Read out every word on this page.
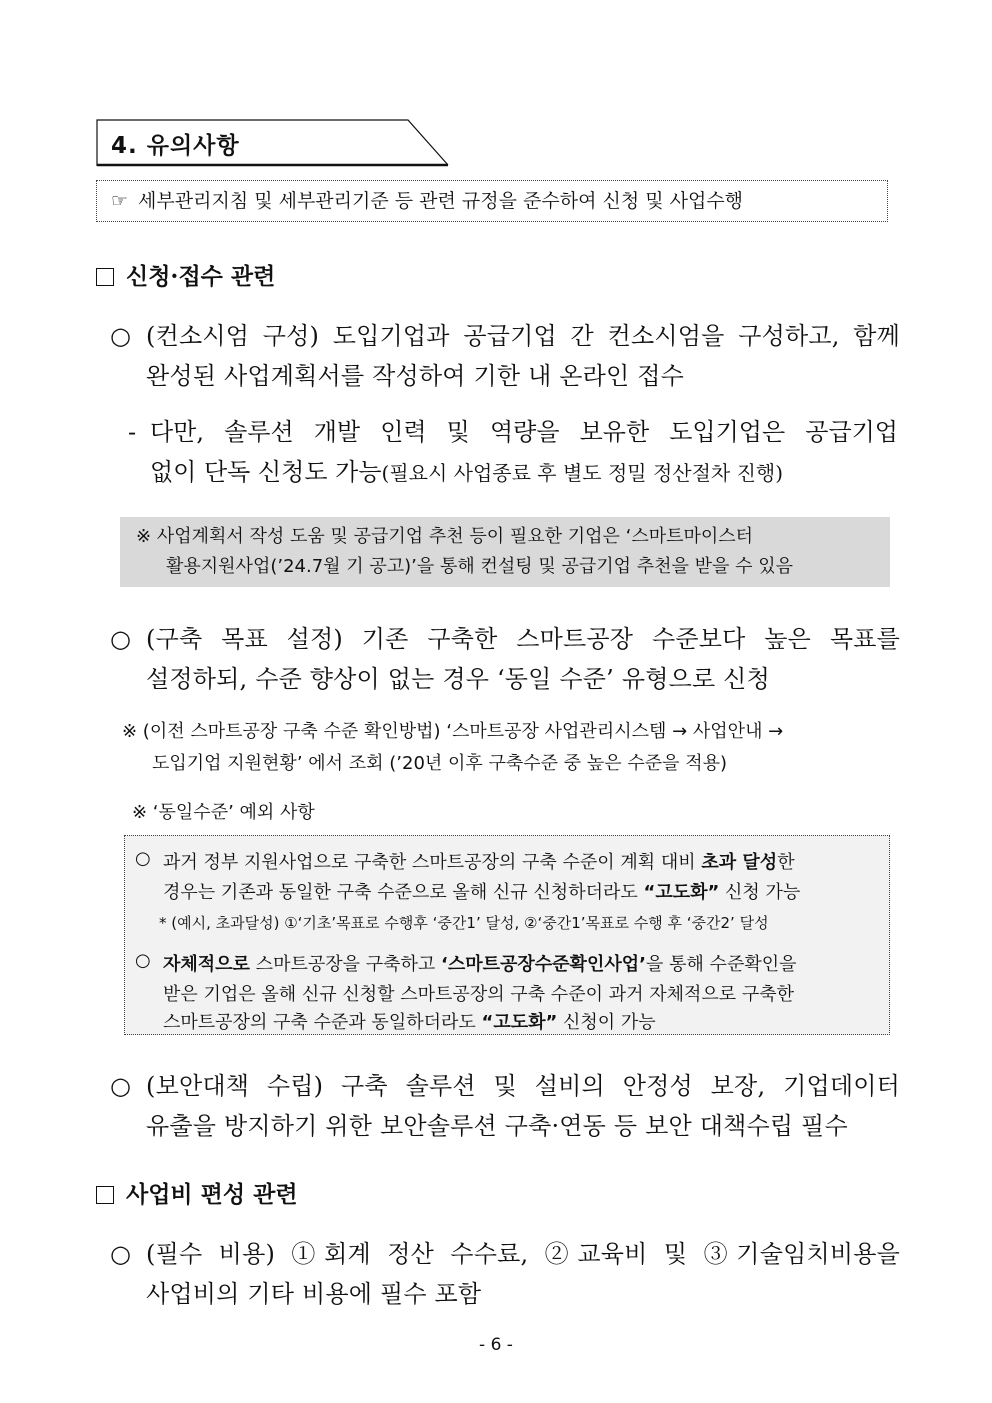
4. 유의사항
☞ 세부관리지침 및 세부관리기준 등 관련 규정을 준수하여 신청 및 사업수행
신청·접수 관련
○ (컨소시엄 구성) 도입기업과 공급기업 간 컨소시엄을 구성하고, 함께
완성된 사업계획서를 작성하여 기한 내 온라인 접수
- 다만, 솔루션 개발 인력 및 역량을 보유한 도입기업은 공급기업
없이 단독 신청도 가능(필요시 사업종료 후 별도 정밀 정산절차 진행)
※ 사업계획서 작성 도움 및 공급기업 추천 등이 필요한 기업은 ‘스마트마이스터
활용지원사업(’24.7월 기 공고)’을 통해 컨설팅 및 공급기업 추천을 받을 수 있음
○ (구축 목표 설정) 기존 구축한 스마트공장 수준보다 높은 목표를
설정하되, 수준 향상이 없는 경우 ‘동일 수준’ 유형으로 신청
※ (이전 스마트공장 구축 수준 확인방법) ‘스마트공장 사업관리시스템 → 사업안내 →
도입기업 지원현황’ 에서 조회 (’20년 이후 구축수준 중 높은 수준을 적용)
※ ‘동일수준’ 예외 사항
○ 과거 정부 지원사업으로 구축한 스마트공장의 구축 수준이 계획 대비 초과 달성한
경우는 기존과 동일한 구축 수준으로 올해 신규 신청하더라도 “고도화” 신청 가능
* (예시, 초과달성) ①‘기초’목표로 수행후 ‘중간1’ 달성, ②‘중간1’목표로 수행 후 ‘중간2’ 달성
○ 자체적으로 스마트공장을 구축하고 ‘스마트공장수준확인사업’을 통해 수준확인을
받은 기업은 올해 신규 신청할 스마트공장의 구축 수준이 과거 자체적으로 구축한
스마트공장의 구축 수준과 동일하더라도 “고도화” 신청이 가능
○ (보안대책 수립) 구축 솔루션 및 설비의 안정성 보장, 기업데이터
유출을 방지하기 위한 보안솔루션 구축·연동 등 보안 대책수립 필수
사업비 편성 관련
○ (필수 비용) ①회계 정산 수수료, ②교육비 및 ③기술임치비용을
사업비의 기타 비용에 필수 포함
- 6 -
